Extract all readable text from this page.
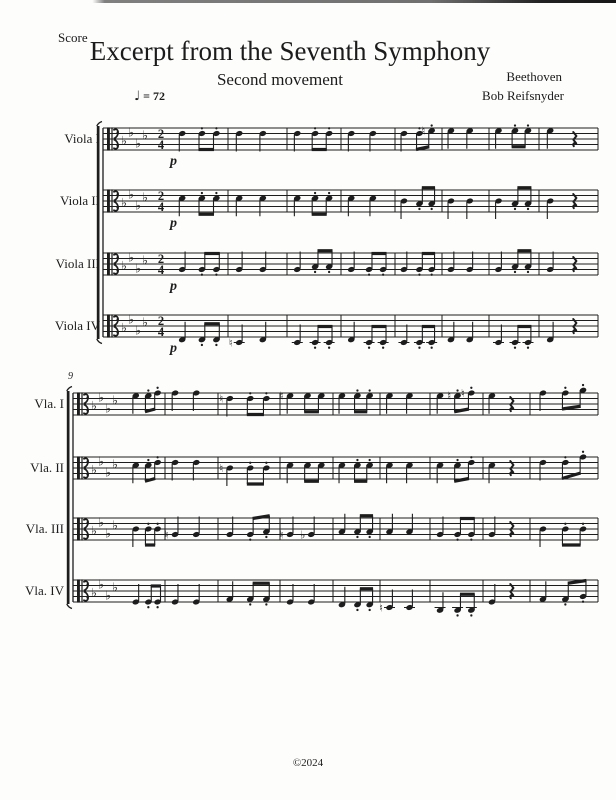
Score Excerpt from the Seventh Symphony
Second movement	Beethoven
Bob Reifsnyder
♩ = 72
Viola I ♭
♭
♭
♭ 2
4
p
♮
Viola II ♭
♭
♭
♭ 2
4
p
Viola III ♭
♭
♭
♭ 2
4
p
Viola IV ♭
♭
♭
♭ 2
4
p	♮
9
Vla. I ♭
♭
♭
♭	♮	♮	♮ ♮
Vla. II ♭
♭
♭
♭	♮
Vla. III ♭
♭
♭
♭
♮	♮ ♭
Vla. IV ♭
♭
♭
♭
♮
©2024
